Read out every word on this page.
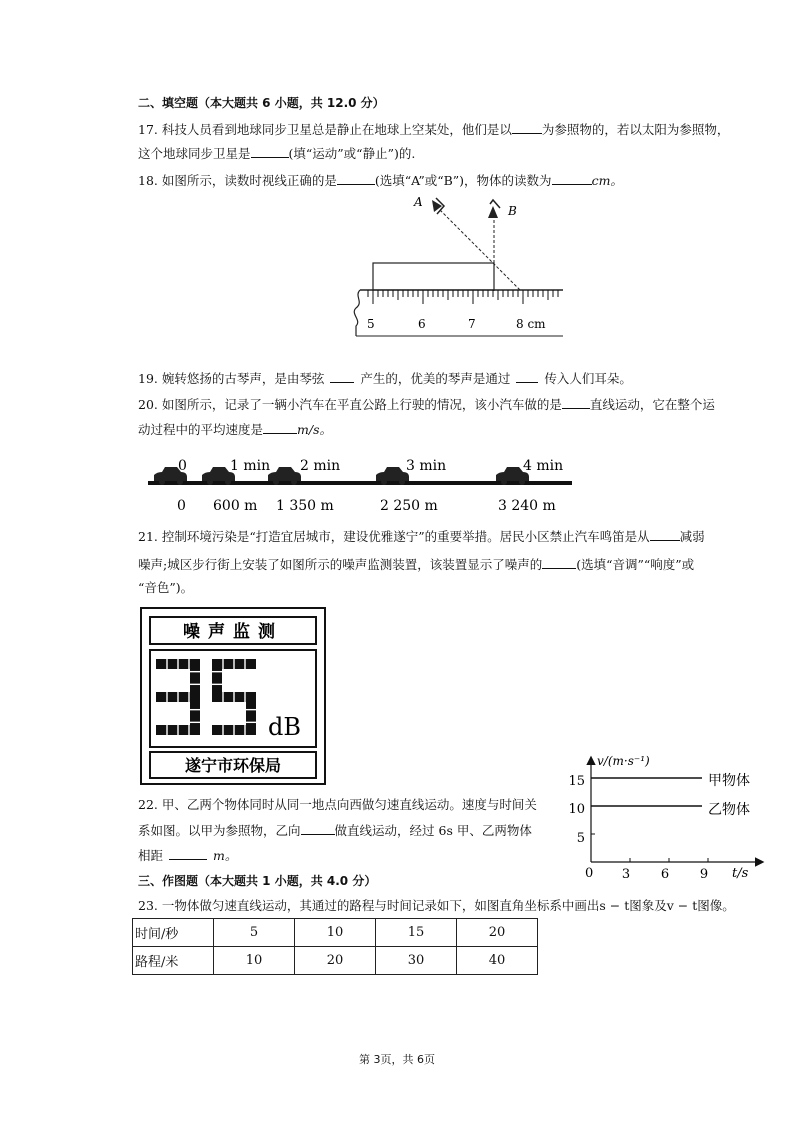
二、填空题（本大题共 6 小题，共 12.0 分）
17. 科技人员看到地球同步卫星总是静止在地球上空某处，他们是以 为参照物的，若以太阳为参照物，
这个地球同步卫星是	(填“运动”或“静止”)的.
18. 如图所示，读数时视线正确的是	(选填“A”或“B”)，物体的读数为	cm。
A
B
5	6	7	8 cm
19. 婉转悠扬的古琴声，是由琴弦	产生的，优美的琴声是通过	传入人们耳朵。
20. 如图所示，记录了一辆小汽车在平直公路上行驶的情况，该小汽车做的是 直线运动，它在整个运
动过程中的平均速度是	m/s。
0	1 min 2 min	3 min	4 min
0 600 m 1 350 m	2 250 m	3 240 m
21. 控制环境污染是“打造宜居城市，建设优雅遂宁”的重要举措。居民小区禁止汽车鸣笛是从 减弱
噪声;城区步行街上安装了如图所示的噪声监测装置，该装置显示了噪声的	(选填“音调”“响度”或
“音色”)。
噪声监测
dB
遂宁市环保局
22. 甲、乙两个物体同时从同一地点向西做匀速直线运动。速度与时间关
系如图。以甲为参照物，乙向	做直线运动，经过 6s 甲、乙两物体
相距	m。
v/(m·s⁻¹)
t/s
0 3 6 9
5
10
15	甲物体
乙物体
三、作图题（本大题共 1 小题，共 4.0 分）
23. 一物体做匀速直线运动，其通过的路程与时间记录如下，如图直角坐标系中画出s − t图象及v − t图像。
时间/秒	5	10	15	20
路程/米	10	20	30	40
第 3页，共 6页
